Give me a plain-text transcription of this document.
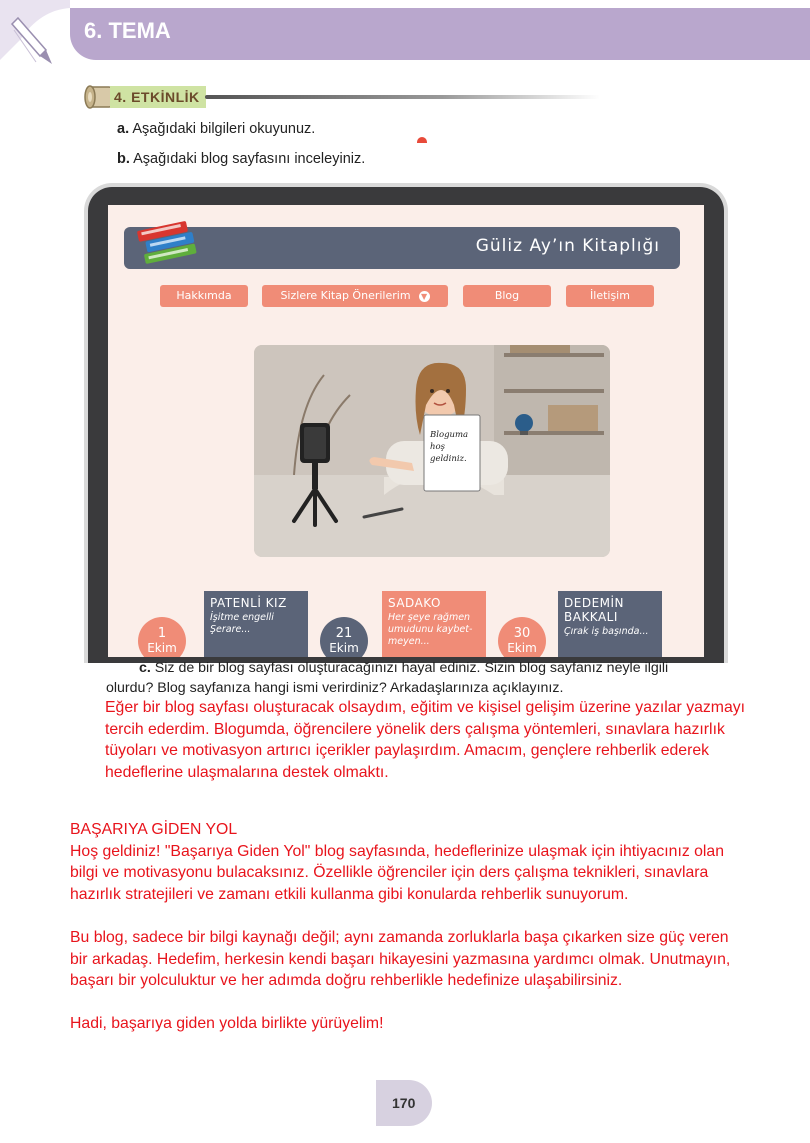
6. TEMA
4. ETKİNLİK
a. Aşağıdaki bilgileri okuyunuz.
b. Aşağıdaki blog sayfasını inceleyiniz.
Güliz Ay’ın Kitaplığı
Hakkımda	Sizlere Kitap Önerilerim ▼	Blog	İletişim
Bloguma
hoş
geldiniz.
1
Ekim
PATENLİ KIZ
İşitme engelli
Şerare...	21
Ekim
SADAKO
Her şeye rağmen
umudunu kaybet-
meyen...
30
Ekim
DEDEMİN
BAKKALI
Çırak iş başında...
c. Siz de bir blog sayfası oluşturacağınızı hayal ediniz. Sizin blog sayfanız neyle ilgili
olurdu? Blog sayfanıza hangi ismi verirdiniz? Arkadaşlarınıza açıklayınız.
Eğer bir blog sayfası oluşturacak olsaydım, eğitim ve kişisel gelişim üzerine yazılar yazmayı
tercih ederdim. Blogumda, öğrencilere yönelik ders çalışma yöntemleri, sınavlara hazırlık
tüyoları ve motivasyon artırıcı içerikler paylaşırdım. Amacım, gençlere rehberlik ederek
hedeflerine ulaşmalarına destek olmaktı.
BAŞARIYA GİDEN YOL
Hoş geldiniz! "Başarıya Giden Yol" blog sayfasında, hedeflerinize ulaşmak için ihtiyacınız olan
bilgi ve motivasyonu bulacaksınız. Özellikle öğrenciler için ders çalışma teknikleri, sınavlara
hazırlık stratejileri ve zamanı etkili kullanma gibi konularda rehberlik sunuyorum.
Bu blog, sadece bir bilgi kaynağı değil; aynı zamanda zorluklarla başa çıkarken size güç veren
bir arkadaş. Hedefim, herkesin kendi başarı hikayesini yazmasına yardımcı olmak. Unutmayın,
başarı bir yolculuktur ve her adımda doğru rehberlikle hedefinize ulaşabilirsiniz.
Hadi, başarıya giden yolda birlikte yürüyelim!
170
